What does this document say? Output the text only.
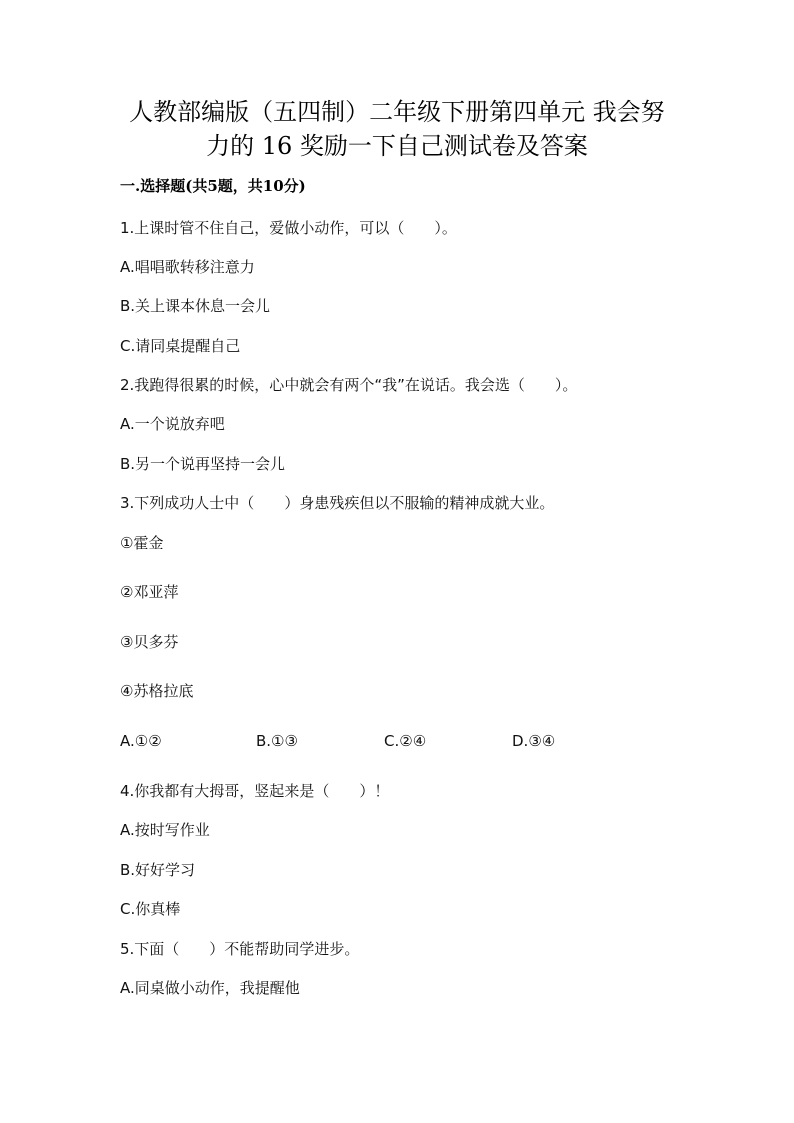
人教部编版（五四制）二年级下册第四单元 我会努
力的 16 奖励一下自己测试卷及答案
一.选择题(共5题，共10分)
1.上课时管不住自己，爱做小动作，可以（　　）。
A.唱唱歌转移注意力
B.关上课本休息一会儿
C.请同桌提醒自己
2.我跑得很累的时候，心中就会有两个“我”在说话。我会选（　　）。
A.一个说放弃吧
B.另一个说再坚持一会儿
3.下列成功人士中（　　）身患残疾但以不服输的精神成就大业。
①霍金
②邓亚萍
③贝多芬
④苏格拉底
A.①②	B.①③	C.②④	D.③④
4.你我都有大拇哥，竖起来是（　　）！
A.按时写作业
B.好好学习
C.你真棒
5.下面（　　）不能帮助同学进步。
A.同桌做小动作，我提醒他
